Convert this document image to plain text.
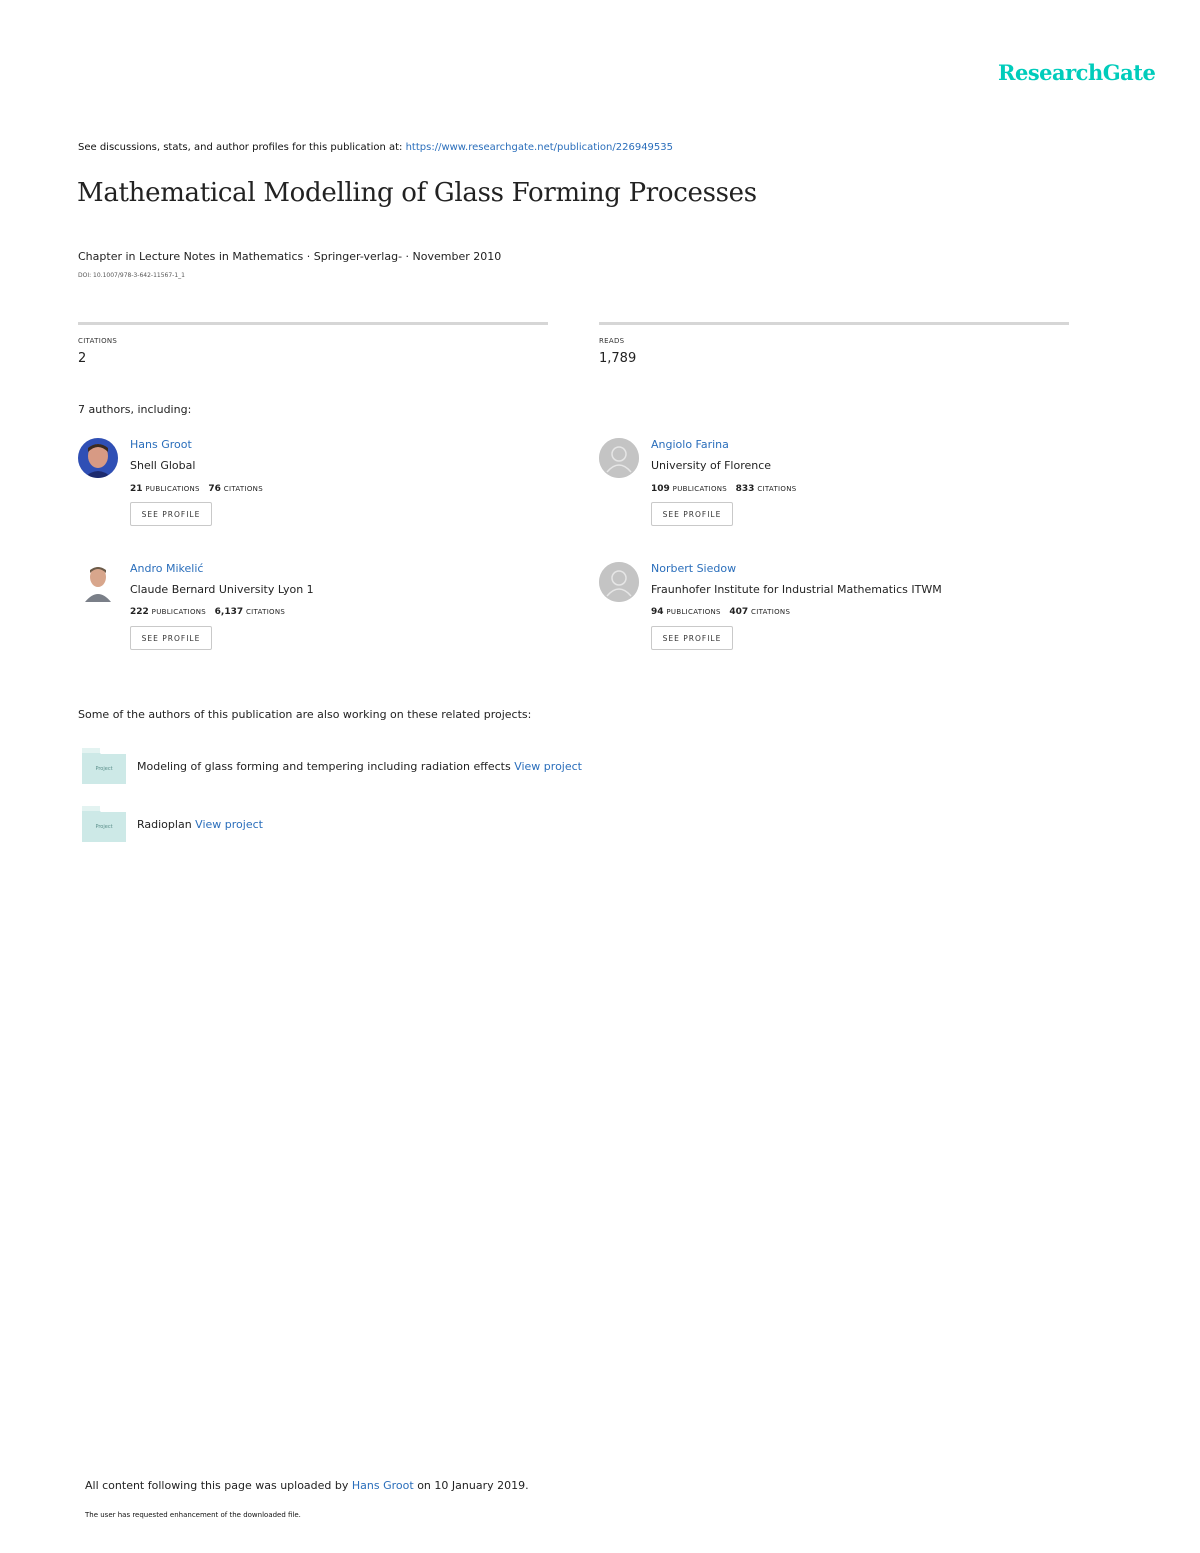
ResearchGate
See discussions, stats, and author profiles for this publication at: https://www.researchgate.net/publication/226949535
Mathematical Modelling of Glass Forming Processes
Chapter in Lecture Notes in Mathematics · Springer-verlag- · November 2010
DOI: 10.1007/978-3-642-11567-1_1
CITATIONS
2
READS
1,789
7 authors, including:
Hans Groot
Shell Global
21 PUBLICATIONS 76 CITATIONS
SEE PROFILE
Angiolo Farina
University of Florence
109 PUBLICATIONS 833 CITATIONS
SEE PROFILE
Andro Mikelić
Claude Bernard University Lyon 1
222 PUBLICATIONS 6,137 CITATIONS
SEE PROFILE
Norbert Siedow
Fraunhofer Institute for Industrial Mathematics ITWM
94 PUBLICATIONS 407 CITATIONS
SEE PROFILE
Some of the authors of this publication are also working on these related projects:
Project Modeling of glass forming and tempering including radiation effects View project
Project Radioplan View project
All content following this page was uploaded by Hans Groot on 10 January 2019.
The user has requested enhancement of the downloaded file.
